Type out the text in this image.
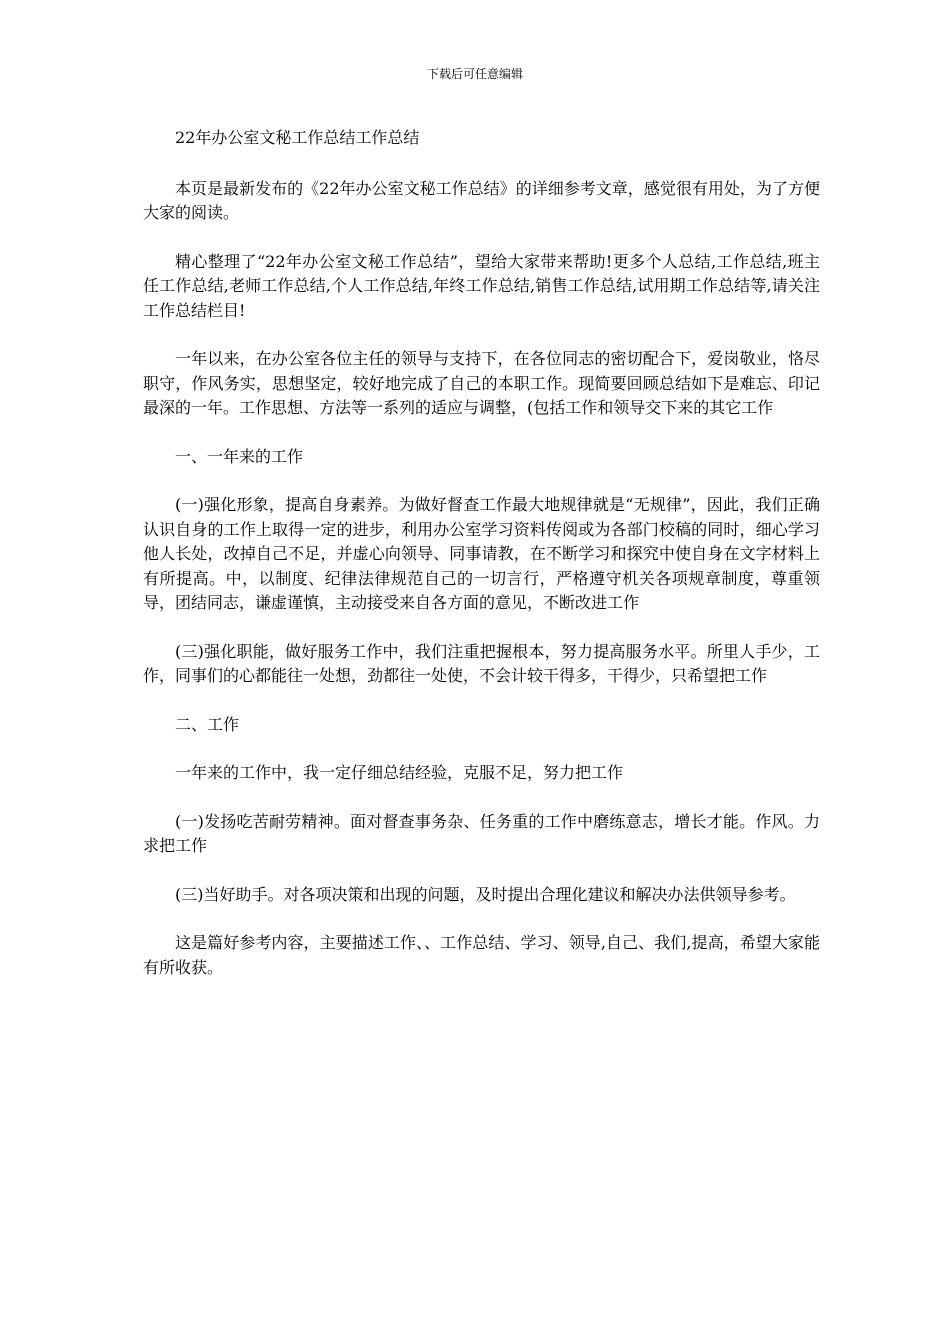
下载后可任意编辑

22年办公室文秘工作总结工作总结

本页是最新发布的《22年办公室文秘工作总结》的详细参考文章，感觉很有用处，为了方便大家的阅读。

精心整理了“22年办公室文秘工作总结”，望给大家带来帮助!更多个人总结,工作总结,班主任工作总结,老师工作总结,个人工作总结,年终工作总结,销售工作总结,试用期工作总结等,请关注工作总结栏目!

一年以来，在办公室各位主任的领导与支持下，在各位同志的密切配合下，爱岗敬业，恪尽职守，作风务实，思想坚定，较好地完成了自己的本职工作。现简要回顾总结如下是难忘、印记最深的一年。工作思想、方法等一系列的适应与调整，(包括工作和领导交下来的其它工作

一、一年来的工作

(一)强化形象，提高自身素养。为做好督查工作最大地规律就是“无规律”，因此，我们正确认识自身的工作上取得一定的进步，利用办公室学习资料传阅或为各部门校稿的同时，细心学习他人长处，改掉自己不足，并虚心向领导、同事请教，在不断学习和探究中使自身在文字材料上有所提高。中，以制度、纪律法律规范自己的一切言行，严格遵守机关各项规章制度，尊重领导，团结同志，谦虚谨慎，主动接受来自各方面的意见，不断改进工作

(三)强化职能，做好服务工作中，我们注重把握根本，努力提高服务水平。所里人手少，工作，同事们的心都能往一处想，劲都往一处使，不会计较干得多，干得少，只希望把工作

二、工作

一年来的工作中，我一定仔细总结经验，克服不足，努力把工作

(一)发扬吃苦耐劳精神。面对督查事务杂、任务重的工作中磨练意志，增长才能。作风。力求把工作

(三)当好助手。对各项决策和出现的问题，及时提出合理化建议和解决办法供领导参考。

这是篇好参考内容，主要描述工作、、工作总结、学习、领导,自己、我们,提高，希望大家能有所收获。
